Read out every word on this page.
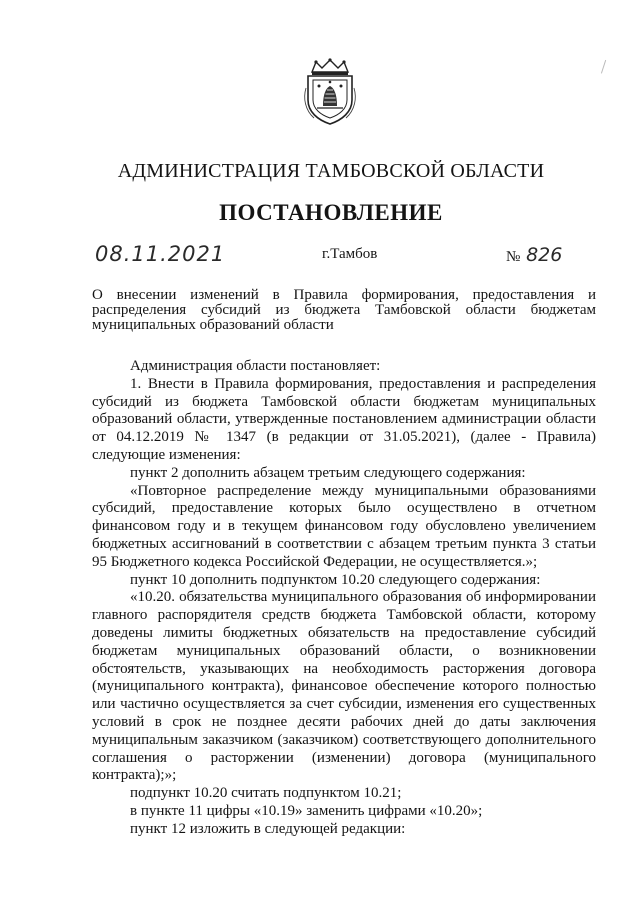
АДМИНИСТРАЦИЯ ТАМБОВСКОЙ ОБЛАСТИ
ПОСТАНОВЛЕНИЕ
08.11.2021	г.Тамбов	№ 826
О внесении изменений в Правила формирования, предоставления и распределения субсидий из бюджета Тамбовской области бюджетам муниципальных образований области

Администрация области постановляет:

1. Внести в Правила формирования, предоставления и распределения субсидий из бюджета Тамбовской области бюджетам муниципальных образований области, утвержденные постановлением администрации области от 04.12.2019 № 1347 (в редакции от 31.05.2021), (далее - Правила) следующие изменения:

пункт 2 дополнить абзацем третьим следующего содержания:

«Повторное распределение между муниципальными образованиями субсидий, предоставление которых было осуществлено в отчетном финансовом году и в текущем финансовом году обусловлено увеличением бюджетных ассигнований в соответствии с абзацем третьим пункта 3 статьи 95 Бюджетного кодекса Российской Федерации, не осуществляется.»;

пункт 10 дополнить подпунктом 10.20 следующего содержания:

«10.20. обязательства муниципального образования об информировании главного распорядителя средств бюджета Тамбовской области, которому доведены лимиты бюджетных обязательств на предоставление субсидий бюджетам муниципальных образований области, о возникновении обстоятельств, указывающих на необходимость расторжения договора (муниципального контракта), финансовое обеспечение которого полностью или частично осуществляется за счет субсидии, изменения его существенных условий в срок не позднее десяти рабочих дней до даты заключения муниципальным заказчиком (заказчиком) соответствующего дополнительного соглашения о расторжении (изменении) договора (муниципального контракта);»;

подпункт 10.20 считать подпунктом 10.21;

в пункте 11 цифры «10.19» заменить цифрами «10.20»;

пункт 12 изложить в следующей редакции:
